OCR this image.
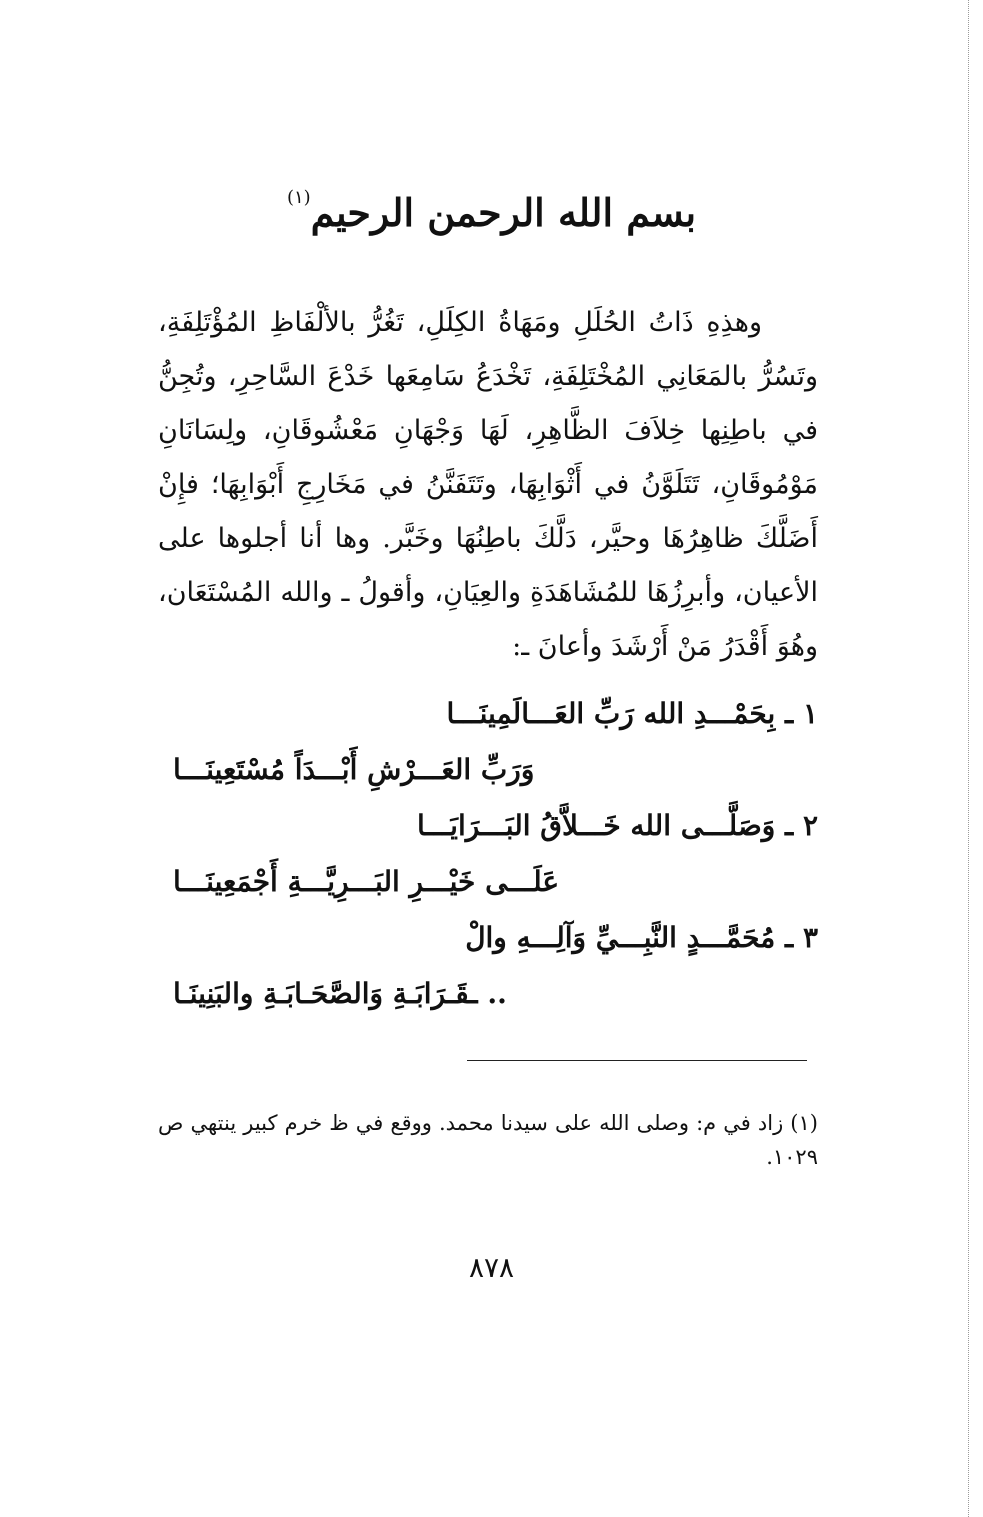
بسم الله الرحمن الرحيم$^{(١)}$

وهذِهِ ذَاتُ الحُلَلِ ومَهَاةُ الكِلَلِ، تَغُرُّ بالألْفَاظِ المُؤْتَلِفَةِ، وتَسُرُّ بالمَعَانِي المُخْتَلِفَةِ، تَخْدَعُ سَامِعَها خَدْعَ السَّاحِرِ، وتُجِنُّ في باطِنِها خِلاَفَ الظَّاهِرِ، لَهَا وَجْهَانِ مَعْشُوقَانِ، ولِسَانَانِ مَوْمُوقَانِ، تَتَلَوَّنُ في أَثْوَابِهَا، وتَتَفَنَّنُ في مَخَارِجِ أَبْوَابِهَا؛ فإِنْ أَضَلَّكَ ظاهِرُهَا وحيَّر، دَلَّكَ باطِنُهَا وخَبَّر. وها أنا أجلوها على الأعيان، وأبرِزُهَا للمُشَاهَدَةِ والعِيَانِ، وأقولُ ـ والله المُسْتَعَان، وهُوَ أَقْدَرُ مَنْ أَرْشَدَ وأعانَ ـ:

١ ـ بِحَمْـــدِ الله رَبِّ العَـــالَمِينَـــا

وَرَبِّ العَـــرْشِ أَبْـــدَاً مُسْتَعِينَـــا

٢ ـ وَصَلَّـــى الله خَـــلاَّقُ البَـــرَايَـــا

عَلَـــى خَيْـــرِ البَـــرِيَّـــةِ أَجْمَعِينَـــا

٣ ـ مُحَمَّـــدٍ النَّبِـــيِّ وَآلِـــهِ والْ

.. ـقَـرَابَـةِ وَالصَّحَـابَـةِ والبَنِينَـا

(١) زاد في م: وصلى الله على سيدنا محمد. ووقع في ظ خرم كبير ينتهي ص ١٠٢٩.

٨٧٨
